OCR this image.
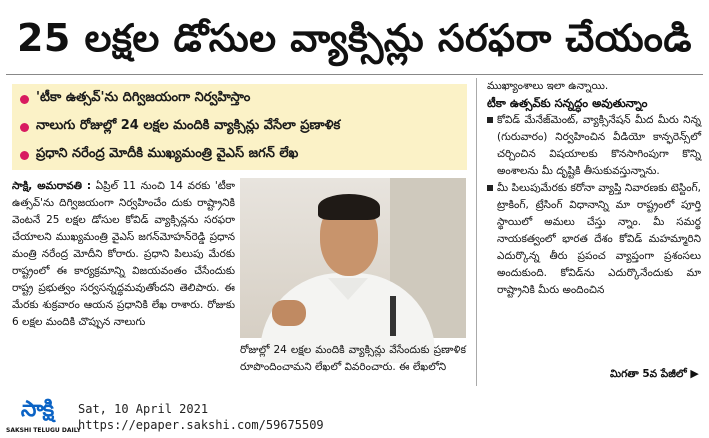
25 లక్షల డోసుల వ్యాక్సిన్లు సరఫరా చేయండి
'టీకా ఉత్సవ్‌'ను దిగ్విజయంగా నిర్వహిస్తాం
నాలుగు రోజుల్లో 24 లక్షల మందికి వ్యాక్సిన్లు వేసేలా ప్రణాళిక
ప్రధాని నరేంద్ర మోదీకి ముఖ్యమంత్రి వైఎస్‌ జగన్‌ లేఖ

సాక్షి, అమరావతి : ఏప్రిల్‌ 11 నుంచి 14 వరకు 'టీకా ఉత్సవ్‌'ను దిగ్విజయంగా నిర్వహించేం దుకు రాష్ట్రానికి వెంటనే 25 లక్షల డోసుల కోవిడ్‌ వ్యాక్సిన్లను సరఫరా చేయాలని ముఖ్యమంత్రి వైఎస్‌ జగన్‌మోహన్‌రెడ్డి ప్రధాన మంత్రి నరేంద్ర మోదీని కోరారు. ప్రధాని పిలుపు మేరకు రాష్ట్రంలో ఈ కార్యక్రమాన్ని విజయవంతం చేసేందుకు రాష్ట్ర ప్రభుత్వం సర్వసన్నద్ధమవుతోందని తెలిపారు. ఈ మేరకు శుక్రవారం ఆయన ప్రధానికి లేఖ రాశారు. రోజుకు 6 లక్షల మందికి చొప్పున నాలుగు

రోజుల్లో 24 లక్షల మందికి వ్యాక్సిన్లు వేసేందుకు ప్రణాళిక రూపొందించామని లేఖలో వివరించారు. ఈ లేఖలోని

ముఖ్యాంశాలు ఇలా ఉన్నాయి.

టీకా ఉత్సవ్‌కు సన్నద్ధం అవుతున్నాం

కోవిడ్‌ మేనేజ్‌మెంట్, వ్యాక్సినేషన్‌ మీద మీరు నిన్న (గురువారం) నిర్వహించిన వీడియో కాన్ఫరెన్స్‌లో చర్చించిన విషయాలకు కొనసాగింపుగా కొన్ని అంశాలను మీ దృష్టికి తీసుకువస్తున్నాను.

మీ పిలుపుమేరకు కరోనా వ్యాప్తి నివారణకు టెస్టింగ్, ట్రాకింగ్, ట్రేసింగ్‌ విధానాన్ని మా రాష్ట్రంలో పూర్తి స్థాయిలో అమలు చేస్తు న్నాం. మీ సమర్థ నాయకత్వంలో భారత దేశం కోవిడ్‌ మహమ్మారిని ఎదుర్కొన్న తీరు ప్రపంచ వ్యాప్తంగా ప్రశంసలు అందుకుంది. కోవిడ్‌ను ఎదుర్కొనేందుకు మా రాష్ట్రానికి మీరు అందించిన

మిగతా 5వ పేజీలో ▶
సాక్షి
SAKSHI TELUGU DAILY
Sat, 10 April 2021
https://epaper.sakshi.com/59675509
